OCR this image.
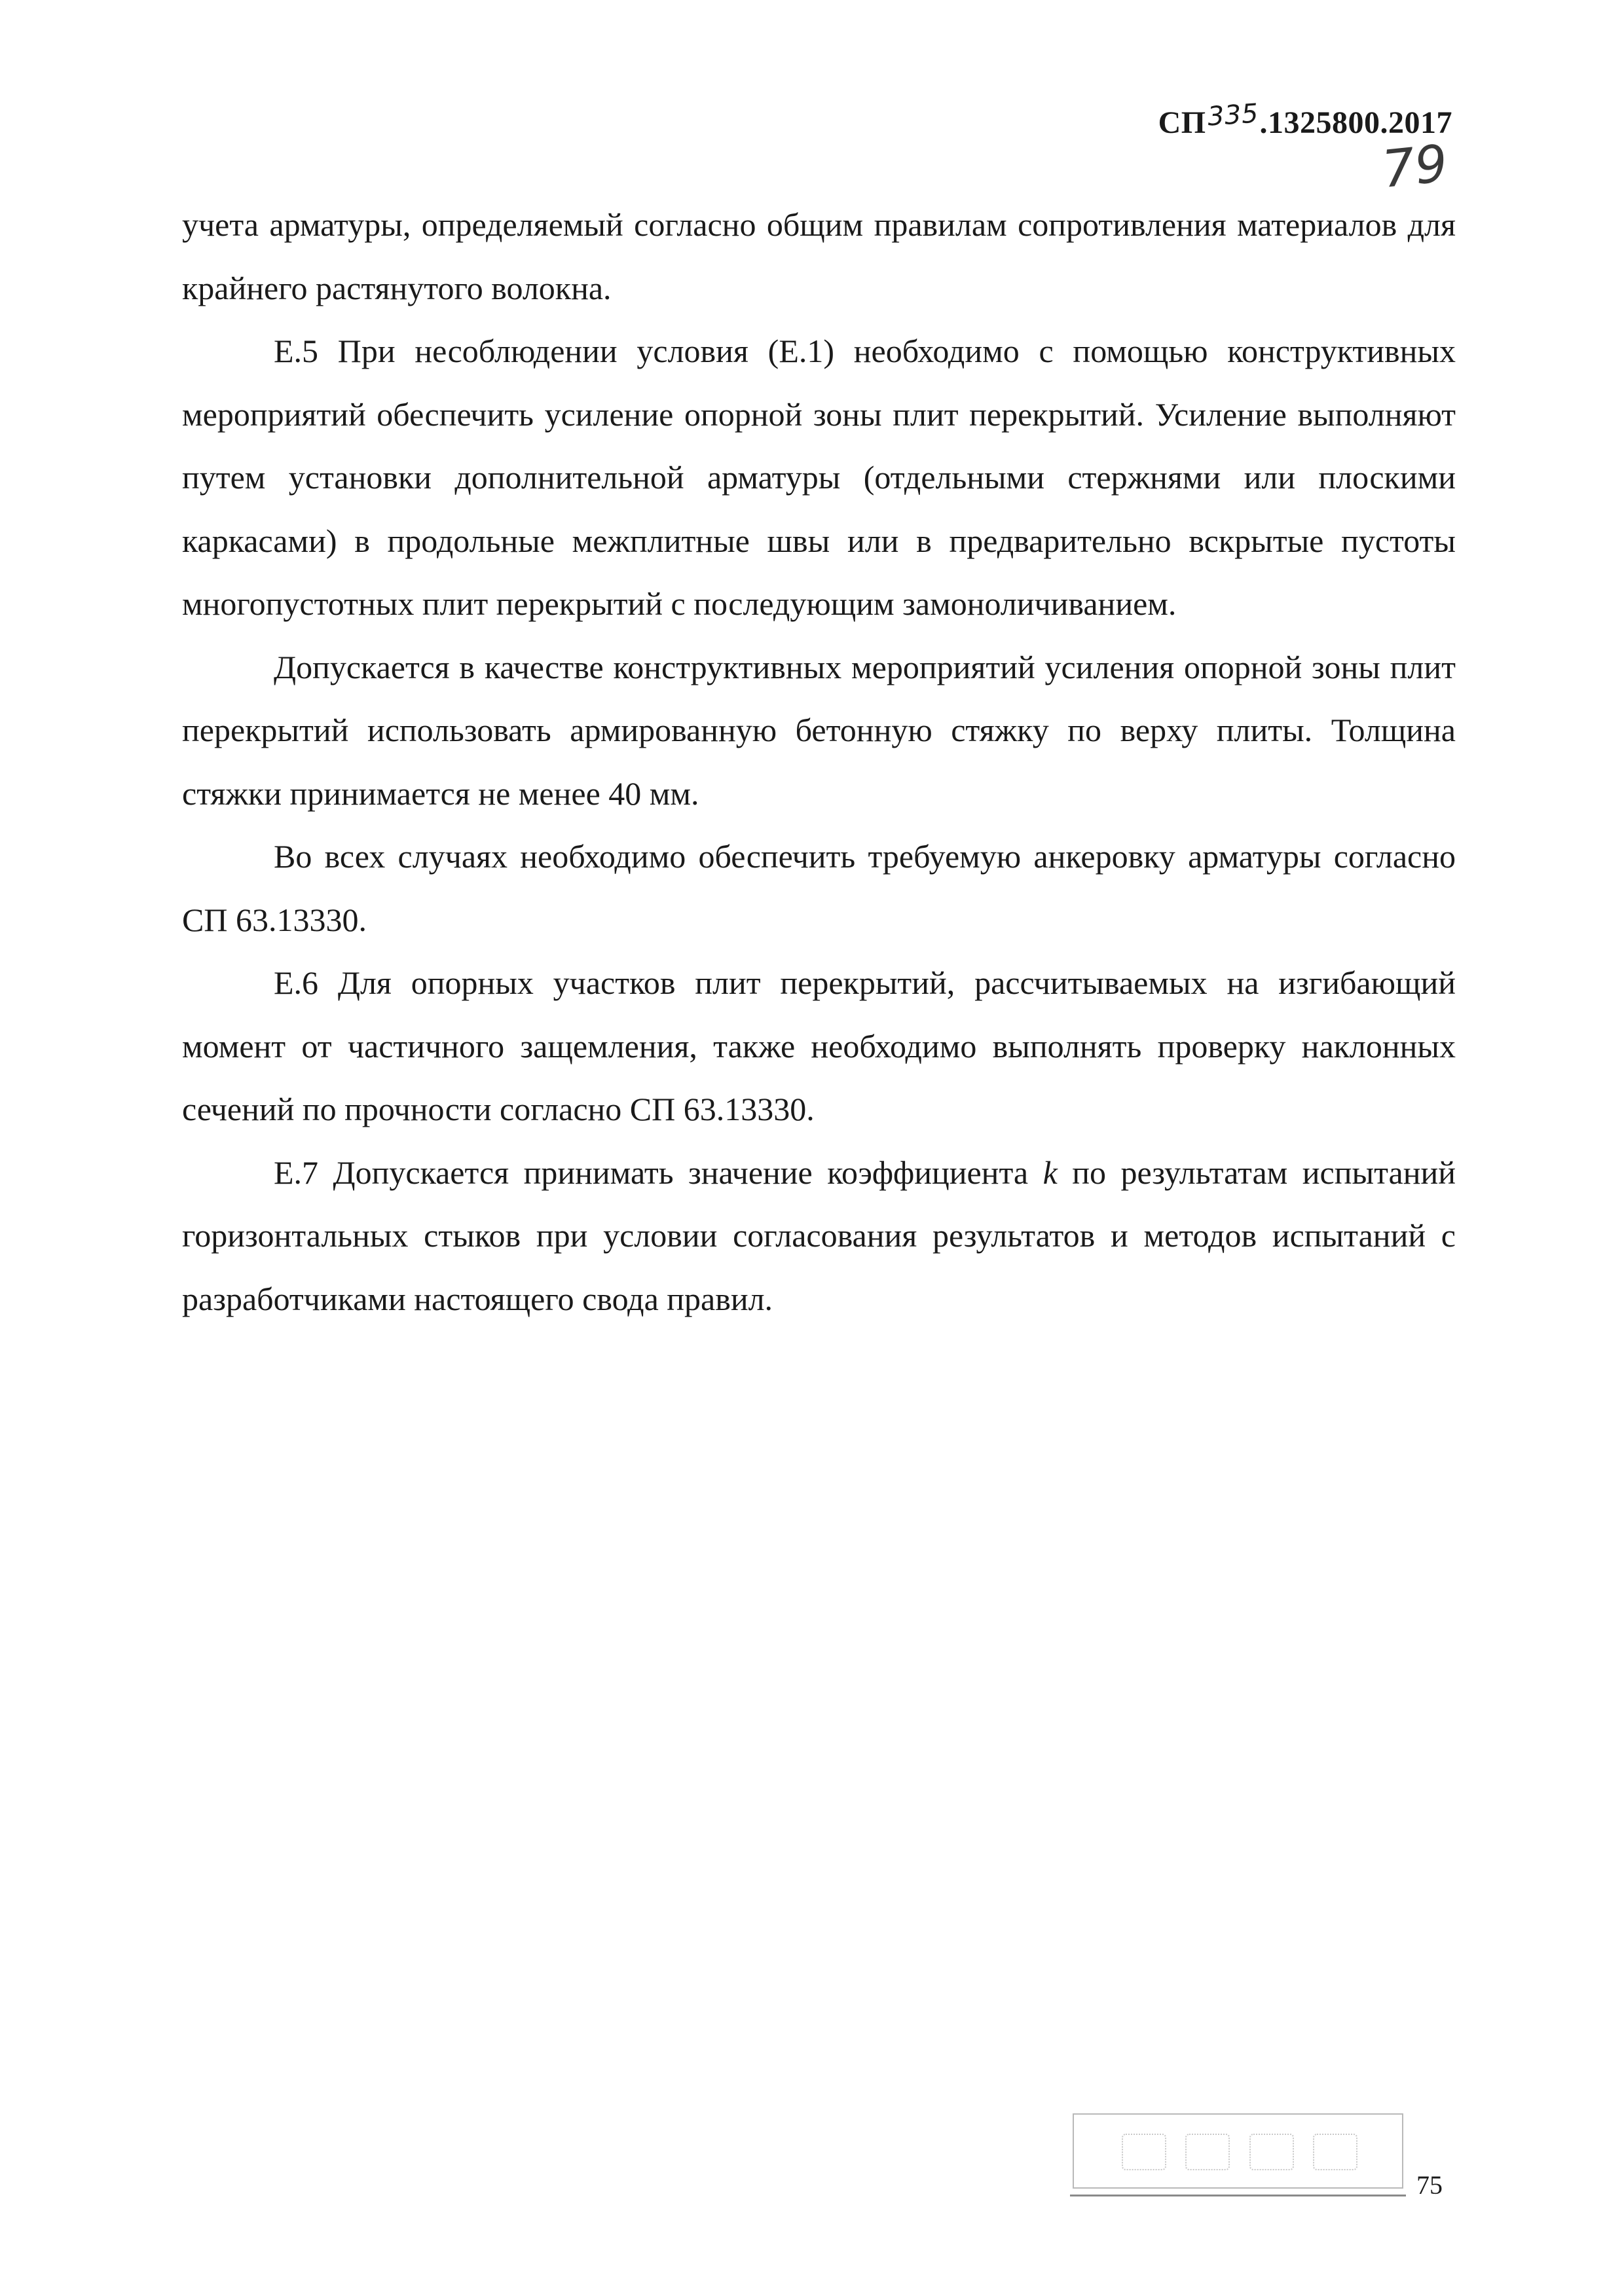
СП335.1325800.2017
79

учета арматуры, определяемый согласно общим правилам сопротивления материалов для крайнего растянутого волокна.

Е.5 При несоблюдении условия (Е.1) необходимо с помощью конструктивных мероприятий обеспечить усиление опорной зоны плит перекрытий. Усиление выполняют путем установки дополнительной арматуры (отдельными стержнями или плоскими каркасами) в продольные межплитные швы или в предварительно вскрытые пустоты многопустотных плит перекрытий с последующим замоноличиванием.

Допускается в качестве конструктивных мероприятий усиления опорной зоны плит перекрытий использовать армированную бетонную стяжку по верху плиты. Толщина стяжки принимается не менее 40 мм.

Во всех случаях необходимо обеспечить требуемую анкеровку арматуры согласно СП 63.13330.

Е.6 Для опорных участков плит перекрытий, рассчитываемых на изгибающий момент от частичного защемления, также необходимо выполнять проверку наклонных сечений по прочности согласно СП 63.13330.

Е.7 Допускается принимать значение коэффициента k по результатам испытаний горизонтальных стыков при условии согласования результатов и методов испытаний с разработчиками настоящего свода правил.

75
